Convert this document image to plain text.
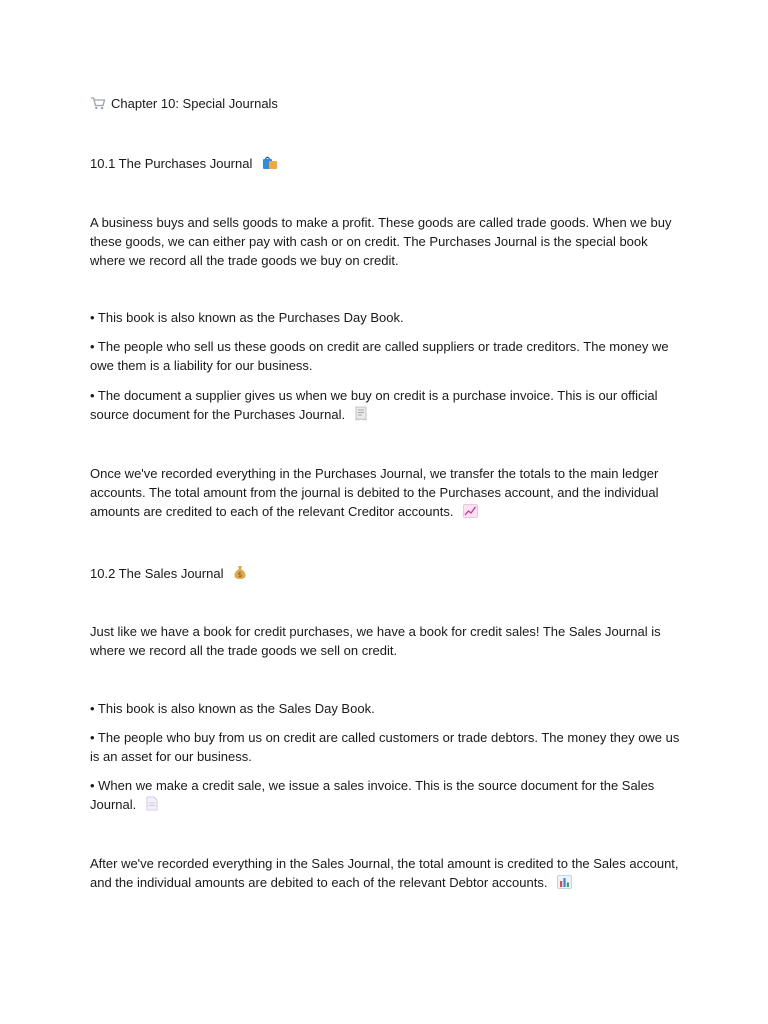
Chapter 10: Special Journals
10.1 The Purchases Journal
A business buys and sells goods to make a profit. These goods are called trade goods. When we buy these goods, we can either pay with cash or on credit. The Purchases Journal is the special book where we record all the trade goods we buy on credit.
• This book is also known as the Purchases Day Book.
• The people who sell us these goods on credit are called suppliers or trade creditors. The money we owe them is a liability for our business.
• The document a supplier gives us when we buy on credit is a purchase invoice. This is our official source document for the Purchases Journal.
Once we've recorded everything in the Purchases Journal, we transfer the totals to the main ledger accounts. The total amount from the journal is debited to the Purchases account, and the individual amounts are credited to each of the relevant Creditor accounts.
10.2 The Sales Journal $
Just like we have a book for credit purchases, we have a book for credit sales! The Sales Journal is where we record all the trade goods we sell on credit.
• This book is also known as the Sales Day Book.
• The people who buy from us on credit are called customers or trade debtors. The money they owe us is an asset for our business.
• When we make a credit sale, we issue a sales invoice. This is the source document for the Sales Journal.
After we've recorded everything in the Sales Journal, the total amount is credited to the Sales account, and the individual amounts are debited to each of the relevant Debtor accounts.
